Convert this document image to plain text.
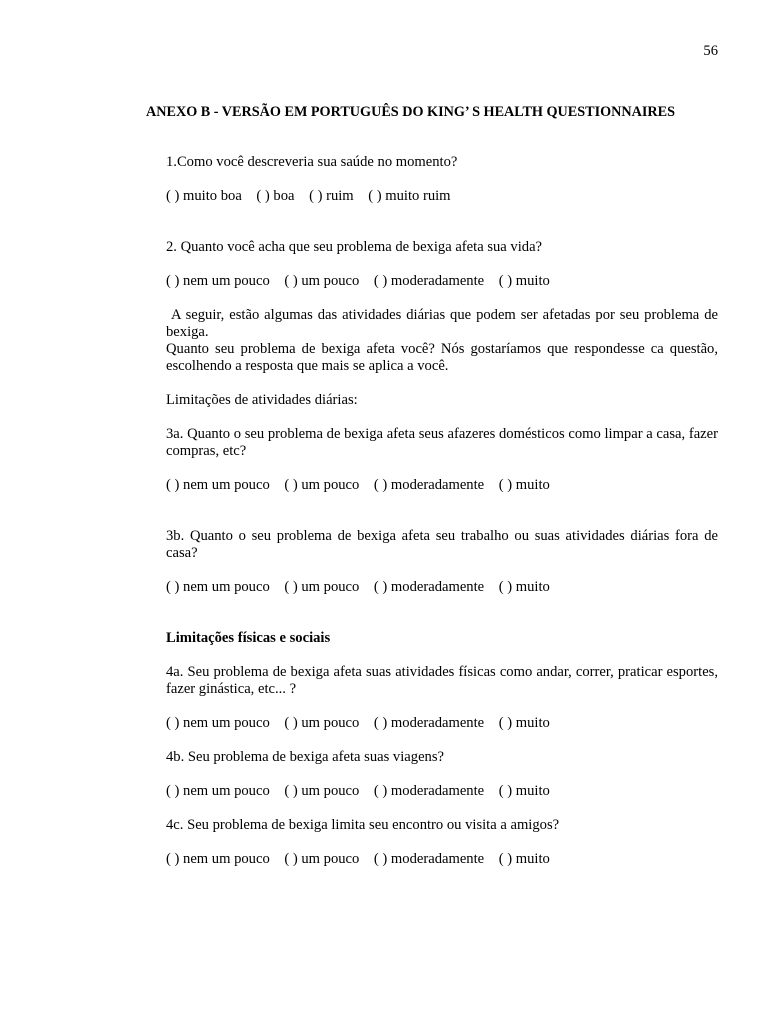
56
ANEXO B - VERSÃO EM PORTUGUÊS DO KING’ S HEALTH QUESTIONNAIRES

1.Como você descreveria sua saúde no momento?

( ) muito boa    ( ) boa    ( ) ruim    ( ) muito ruim

2. Quanto você acha que seu problema de bexiga afeta sua vida?

( ) nem um pouco    ( ) um pouco    ( ) moderadamente    ( ) muito

A seguir, estão algumas das atividades diárias que podem ser afetadas por seu problema de bexiga.

Quanto seu problema de bexiga afeta você? Nós gostaríamos que respondesse ca questão, escolhendo a resposta que mais se aplica a você.

Limitações de atividades diárias:

3a. Quanto o seu problema de bexiga afeta seus afazeres domésticos como limpar a casa, fazer compras, etc?

( ) nem um pouco    ( ) um pouco    ( ) moderadamente    ( ) muito

3b. Quanto o seu problema de bexiga afeta seu trabalho ou suas atividades diárias fora de casa?

( ) nem um pouco    ( ) um pouco    ( ) moderadamente    ( ) muito

Limitações físicas e sociais

4a. Seu problema de bexiga afeta suas atividades físicas como andar, correr, praticar esportes, fazer ginástica, etc... ?

( ) nem um pouco    ( ) um pouco    ( ) moderadamente    ( ) muito

4b. Seu problema de bexiga afeta suas viagens?

( ) nem um pouco    ( ) um pouco    ( ) moderadamente    ( ) muito

4c. Seu problema de bexiga limita seu encontro ou visita a amigos?

( ) nem um pouco    ( ) um pouco    ( ) moderadamente    ( ) muito
